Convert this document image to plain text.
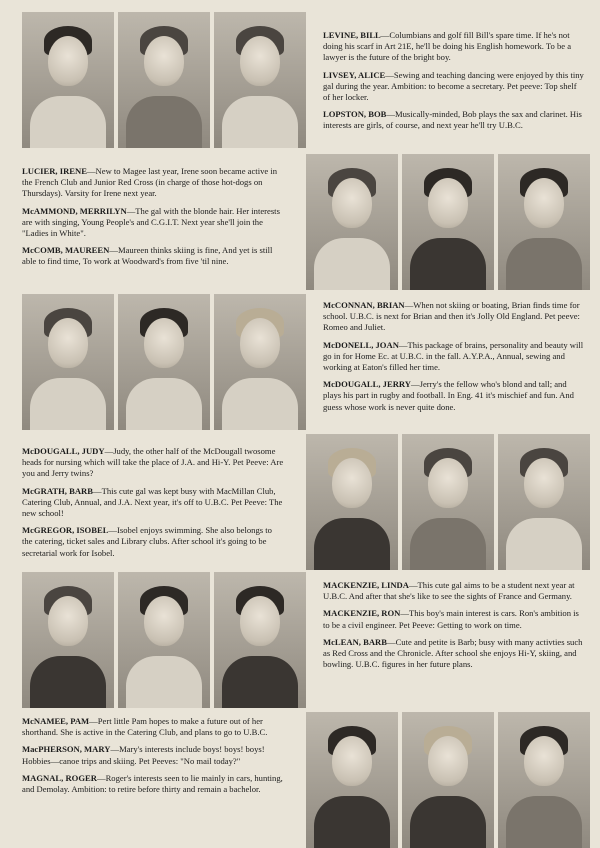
LEVINE, BILL—Columbians and golf fill Bill's spare time. If he's not doing his scarf in Art 21E, he'll be doing his English homework. To be a lawyer is the future of the bright boy.

LIVSEY, ALICE—Sewing and teaching dancing were enjoyed by this tiny gal during the year. Ambition: to become a secretary. Pet peeve: Top shelf of her locker.

LOPSTON, BOB—Musically-minded, Bob plays the sax and clarinet. His interests are girls, of course, and next year he'll try U.B.C.

LUCIER, IRENE—New to Magee last year, Irene soon became active in the French Club and Junior Red Cross (in charge of those hot-dogs on Thursdays). Varsity for Irene next year.

McAMMOND, MERRILYN—The gal with the blonde hair. Her interests are with singing, Young People's and C.G.I.T. Next year she'll join the "Ladies in White".

McCOMB, MAUREEN—Maureen thinks skiing is fine, And yet is still able to find time, To work at Woodward's from five 'til nine.

McCONNAN, BRIAN—When not skiing or boating, Brian finds time for school. U.B.C. is next for Brian and then it's Jolly Old England. Pet peeve: Romeo and Juliet.

McDONELL, JOAN—This package of brains, personality and beauty will go in for Home Ec. at U.B.C. in the fall. A.Y.P.A., Annual, sewing and working at Eaton's filled her time.

McDOUGALL, JERRY—Jerry's the fellow who's blond and tall; and plays his part in rugby and football. In Eng. 41 it's mischief and fun. And guess whose work is never quite done.

McDOUGALL, JUDY—Judy, the other half of the McDougall twosome heads for nursing which will take the place of J.A. and Hi-Y. Pet Peeve: Are you and Jerry twins?

McGRATH, BARB—This cute gal was kept busy with MacMillan Club, Catering Club, Annual, and J.A. Next year, it's off to U.B.C. Pet Peeve: The new school!

McGREGOR, ISOBEL—Isobel enjoys swimming. She also belongs to the catering, ticket sales and Library clubs. After school it's going to be secretarial work for Isobel.

MACKENZIE, LINDA—This cute gal aims to be a student next year at U.B.C. And after that she's like to see the sights of France and Germany.

MACKENZIE, RON—This boy's main interest is cars. Ron's ambition is to be a civil engineer. Pet Peeve: Getting to work on time.

McLEAN, BARB—Cute and petite is Barb; busy with many activties such as Red Cross and the Chronicle. After school she enjoys Hi-Y, skiing, and bowling. U.B.C. figures in her future plans.

McNAMEE, PAM—Pert little Pam hopes to make a future out of her shorthand. She is active in the Catering Club, and plans to go to U.B.C.

MacPHERSON, MARY—Mary's interests include boys! boys! boys! Hobbies—canoe trips and skiing. Pet Peeves: "No mail today?"

MAGNAL, ROGER—Roger's interests seen to lie mainly in cars, hunting, and Demolay. Ambition: to retire before thirty and remain a bachelor.
